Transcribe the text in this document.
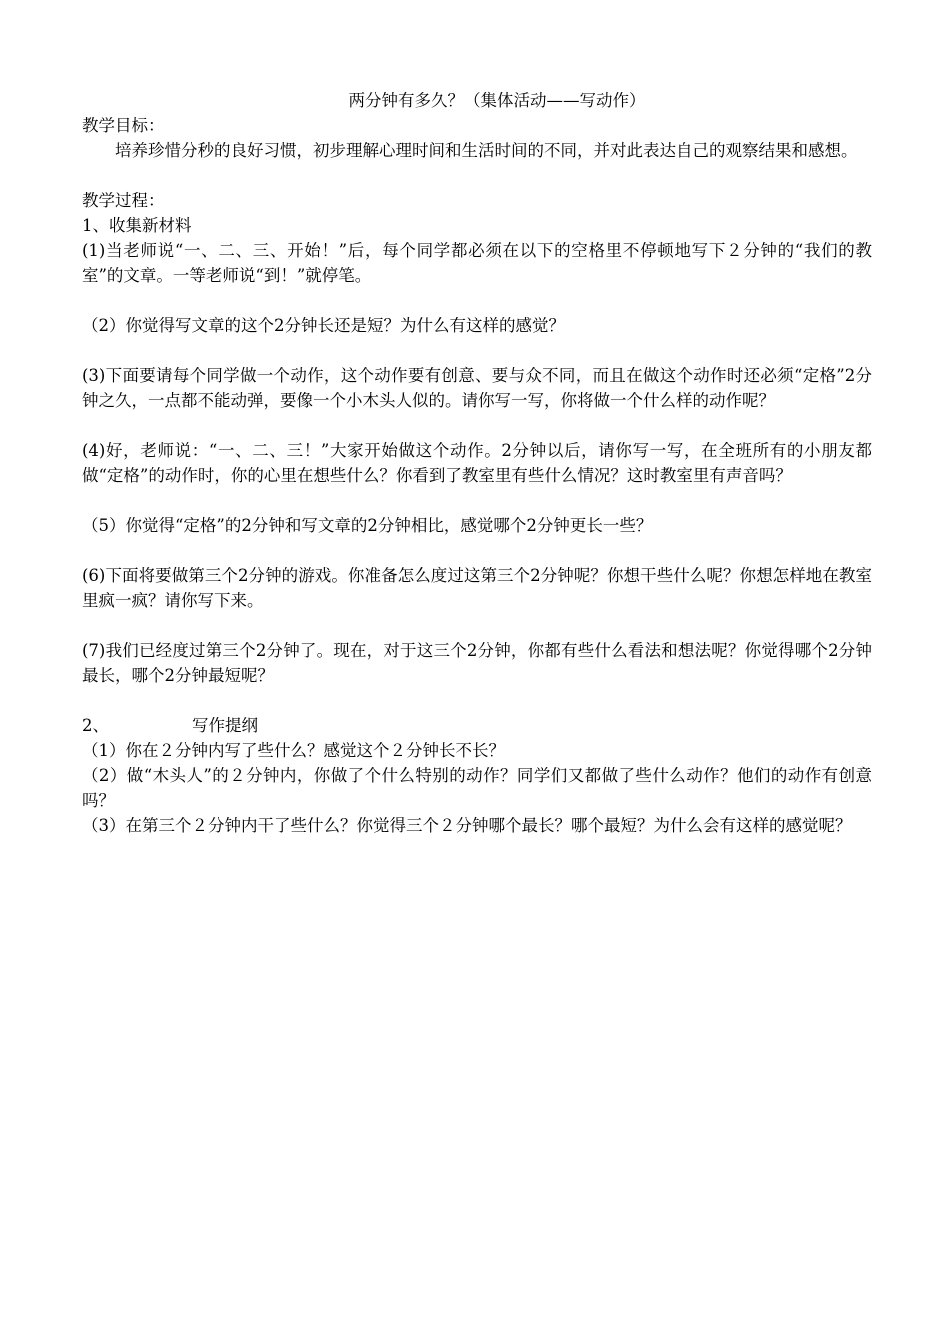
两分钟有多久？（集体活动——写动作）

教学目标：

培养珍惜分秒的良好习惯，初步理解心理时间和生活时间的不同，并对此表达自己的观察结果和感想。

教学过程：

1、收集新材料

(1)当老师说“一、二、三、开始！”后，每个同学都必须在以下的空格里不停顿地写下２分钟的“我们的教室”的文章。一等老师说“到！”就停笔。

（2）你觉得写文章的这个2分钟长还是短？为什么有这样的感觉？

(3)下面要请每个同学做一个动作，这个动作要有创意、要与众不同，而且在做这个动作时还必须“定格”2分钟之久，一点都不能动弹，要像一个小木头人似的。请你写一写，你将做一个什么样的动作呢？

(4)好，老师说：“一、二、三！”大家开始做这个动作。2分钟以后，请你写一写，在全班所有的小朋友都做“定格”的动作时，你的心里在想些什么？你看到了教室里有些什么情况？这时教室里有声音吗？

（5）你觉得“定格”的2分钟和写文章的2分钟相比，感觉哪个2分钟更长一些？

(6)下面将要做第三个2分钟的游戏。你准备怎么度过这第三个2分钟呢？你想干些什么呢？你想怎样地在教室里疯一疯？请你写下来。

(7)我们已经度过第三个2分钟了。现在，对于这三个2分钟，你都有些什么看法和想法呢？你觉得哪个2分钟最长，哪个2分钟最短呢？

2、	写作提纲

（1）你在２分钟内写了些什么？感觉这个２分钟长不长？

（2）做“木头人”的２分钟内，你做了个什么特别的动作？同学们又都做了些什么动作？他们的动作有创意吗？

（3）在第三个２分钟内干了些什么？你觉得三个２分钟哪个最长？哪个最短？为什么会有这样的感觉呢？
